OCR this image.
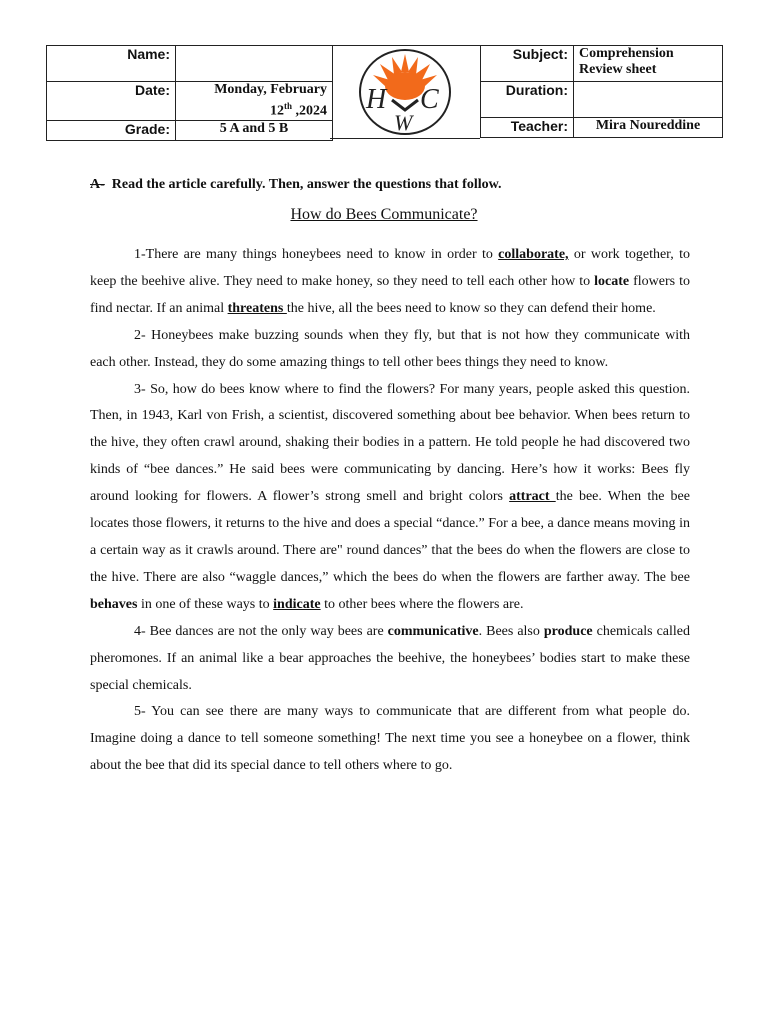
Name:	
Date:	Monday, February
12th ,2024
Grade:	5 A and 5 B
H C
W
Subject:	Comprehension Review sheet
Duration:	
Teacher:	Mira Noureddine
A-  Read the article carefully. Then, answer the questions that follow.
How do Bees Communicate?

1-There are many things honeybees need to know in order to collaborate, or work together, to keep the beehive alive. They need to make honey, so they need to tell each other how to locate flowers to find nectar. If an animal threatens the hive, all the bees need to know so they can defend their home.

2- Honeybees make buzzing sounds when they fly, but that is not how they communicate with each other. Instead, they do some amazing things to tell other bees things they need to know.

3- So, how do bees know where to find the flowers? For many years, people asked this question. Then, in 1943, Karl von Frish, a scientist, discovered something about bee behavior. When bees return to the hive, they often crawl around, shaking their bodies in a pattern. He told people he had discovered two kinds of “bee dances.” He said bees were communicating by dancing. Here’s how it works: Bees fly around looking for flowers. A flower’s strong smell and bright colors attract the bee. When the bee locates those flowers, it returns to the hive and does a special “dance.” For a bee, a dance means moving in a certain way as it crawls around. There are" round dances” that the bees do when the flowers are close to the hive. There are also “waggle dances,” which the bees do when the flowers are farther away. The bee behaves in one of these ways to indicate to other bees where the flowers are.

4- Bee dances are not the only way bees are communicative. Bees also produce chemicals called pheromones. If an animal like a bear approaches the beehive, the honeybees’ bodies start to make these special chemicals.

5- You can see there are many ways to communicate that are different from what people do. Imagine doing a dance to tell someone something! The next time you see a honeybee on a flower, think about the bee that did its special dance to tell others where to go.
